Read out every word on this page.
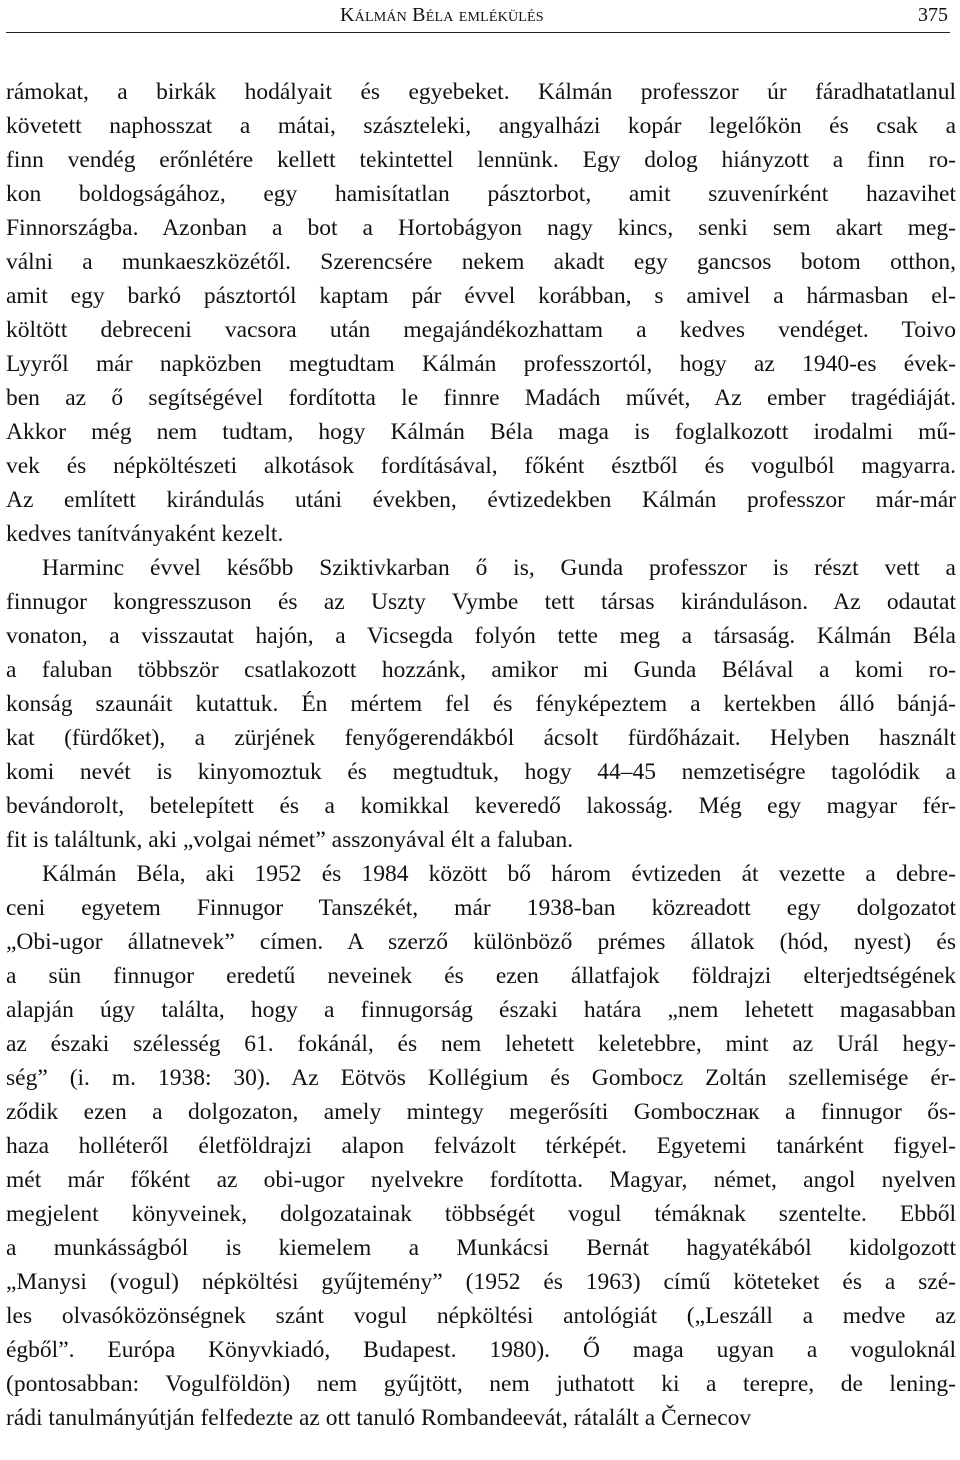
Kálmán Béla emlékülés	375
rámokat, a birkák hodályait és egyebeket. Kálmán professzor úr fáradhatatlanul
követett naphosszat a mátai, szászteleki, angyalházi kopár legelőkön és csak a
finn vendég erőnlétére kellett tekintettel lennünk. Egy dolog hiányzott a finn ro-
kon boldogságához, egy hamisítatlan pásztorbot, amit szuvenírként hazavihet
Finnországba. Azonban a bot a Hortobágyon nagy kincs, senki sem akart meg-
válni a munkaeszközétől. Szerencsére nekem akadt egy gancsos botom otthon,
amit egy barkó pásztortól kaptam pár évvel korábban, s amivel a hármasban el-
költött debreceni vacsora után megajándékozhattam a kedves vendéget. Toivo
Lyyről már napközben megtudtam Kálmán professzortól, hogy az 1940-es évek-
ben az ő segítségével fordította le finnre Madách művét, Az ember tragédiáját.
Akkor még nem tudtam, hogy Kálmán Béla maga is foglalkozott irodalmi mű-
vek és népköltészeti alkotások fordításával, főként észtből és vogulból magyarra.
Az említett kirándulás utáni években, évtizedekben Kálmán professzor már-már
kedves tanítványaként kezelt.
Harminc évvel később Sziktivkarban ő is, Gunda professzor is részt vett a
finnugor kongresszuson és az Uszty Vymbe tett társas kiránduláson. Az odautat
vonaton, a visszautat hajón, a Vicsegda folyón tette meg a társaság. Kálmán Béla
a faluban többször csatlakozott hozzánk, amikor mi Gunda Bélával a komi ro-
konság szaunáit kutattuk. Én mértem fel és fényképeztem a kertekben álló bánjá-
kat (fürdőket), a zürjének fenyőgerendákból ácsolt fürdőházait. Helyben használt
komi nevét is kinyomoztuk és megtudtuk, hogy 44–45 nemzetiségre tagolódik a
bevándorolt, betelepített és a komikkal keveredő lakosság. Még egy magyar fér-
fit is találtunk, aki „volgai német” asszonyával élt a faluban.
Kálmán Béla, aki 1952 és 1984 között bő három évtizeden át vezette a debre-
ceni egyetem Finnugor Tanszékét, már 1938-ban közreadott egy dolgozatot
„Obi-ugor állatnevek” címen. A szerző különböző prémes állatok (hód, nyest) és
a sün finnugor eredetű neveinek és ezen állatfajok földrajzi elterjedtségének
alapján úgy találta, hogy a finnugorság északi határa „nem lehetett magasabban
az északi szélesség 61. fokánál, és nem lehetett keletebbre, mint az Urál hegy-
ség” (i. m. 1938: 30). Az Eötvös Kollégium és Gombocz Zoltán szellemisége ér-
ződik ezen a dolgozaton, amely mintegy megerősíti Gomboczнак a finnugor ős-
haza holléteről életföldrajzi alapon felvázolt térképét. Egyetemi tanárként figyel-
mét már főként az obi-ugor nyelvekre fordította. Magyar, német, angol nyelven
megjelent könyveinek, dolgozatainak többségét vogul témáknak szentelte. Ebből
a munkásságból is kiemelem a Munkácsi Bernát hagyatékából kidolgozott
„Manysi (vogul) népköltési gyűjtemény” (1952 és 1963) című köteteket és a szé-
les olvasóközönségnek szánt vogul népköltési antológiát („Leszáll a medve az
égből”. Európa Könyvkiadó, Budapest. 1980). Ő maga ugyan a vogulоknál
(pontosabban: Vogulföldön) nem gyűjtött, nem juthatott ki a terepre, de lening-
rádi tanulmányútján felfedezte az ott tanuló Rombandeevát, rátalált a Černecov
